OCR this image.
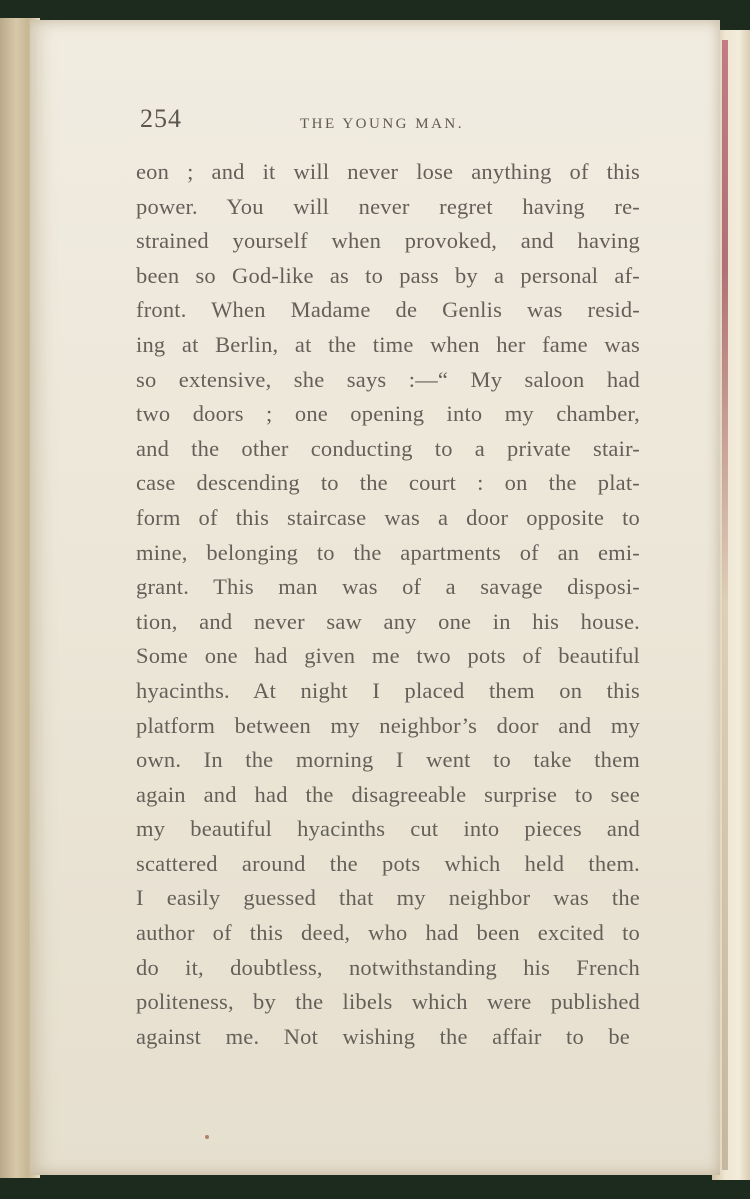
254	THE YOUNG MAN.
eon ; and it will never lose anything of this
power. You will never regret having re-
strained yourself when provoked, and having
been so God-like as to pass by a personal af-
front. When Madame de Genlis was resid-
ing at Berlin, at the time when her fame was
so extensive, she says :—“ My saloon had
two doors ; one opening into my chamber,
and the other conducting to a private stair-
case descending to the court : on the plat-
form of this staircase was a door opposite to
mine, belonging to the apartments of an emi-
grant. This man was of a savage disposi-
tion, and never saw any one in his house.
Some one had given me two pots of beautiful
hyacinths. At night I placed them on this
platform between my neighbor’s door and my
own. In the morning I went to take them
again and had the disagreeable surprise to see
my beautiful hyacinths cut into pieces and
scattered around the pots which held them.
I easily guessed that my neighbor was the
author of this deed, who had been excited to
do it, doubtless, notwithstanding his French
politeness, by the libels which were published
against me. Not wishing the affair to be
